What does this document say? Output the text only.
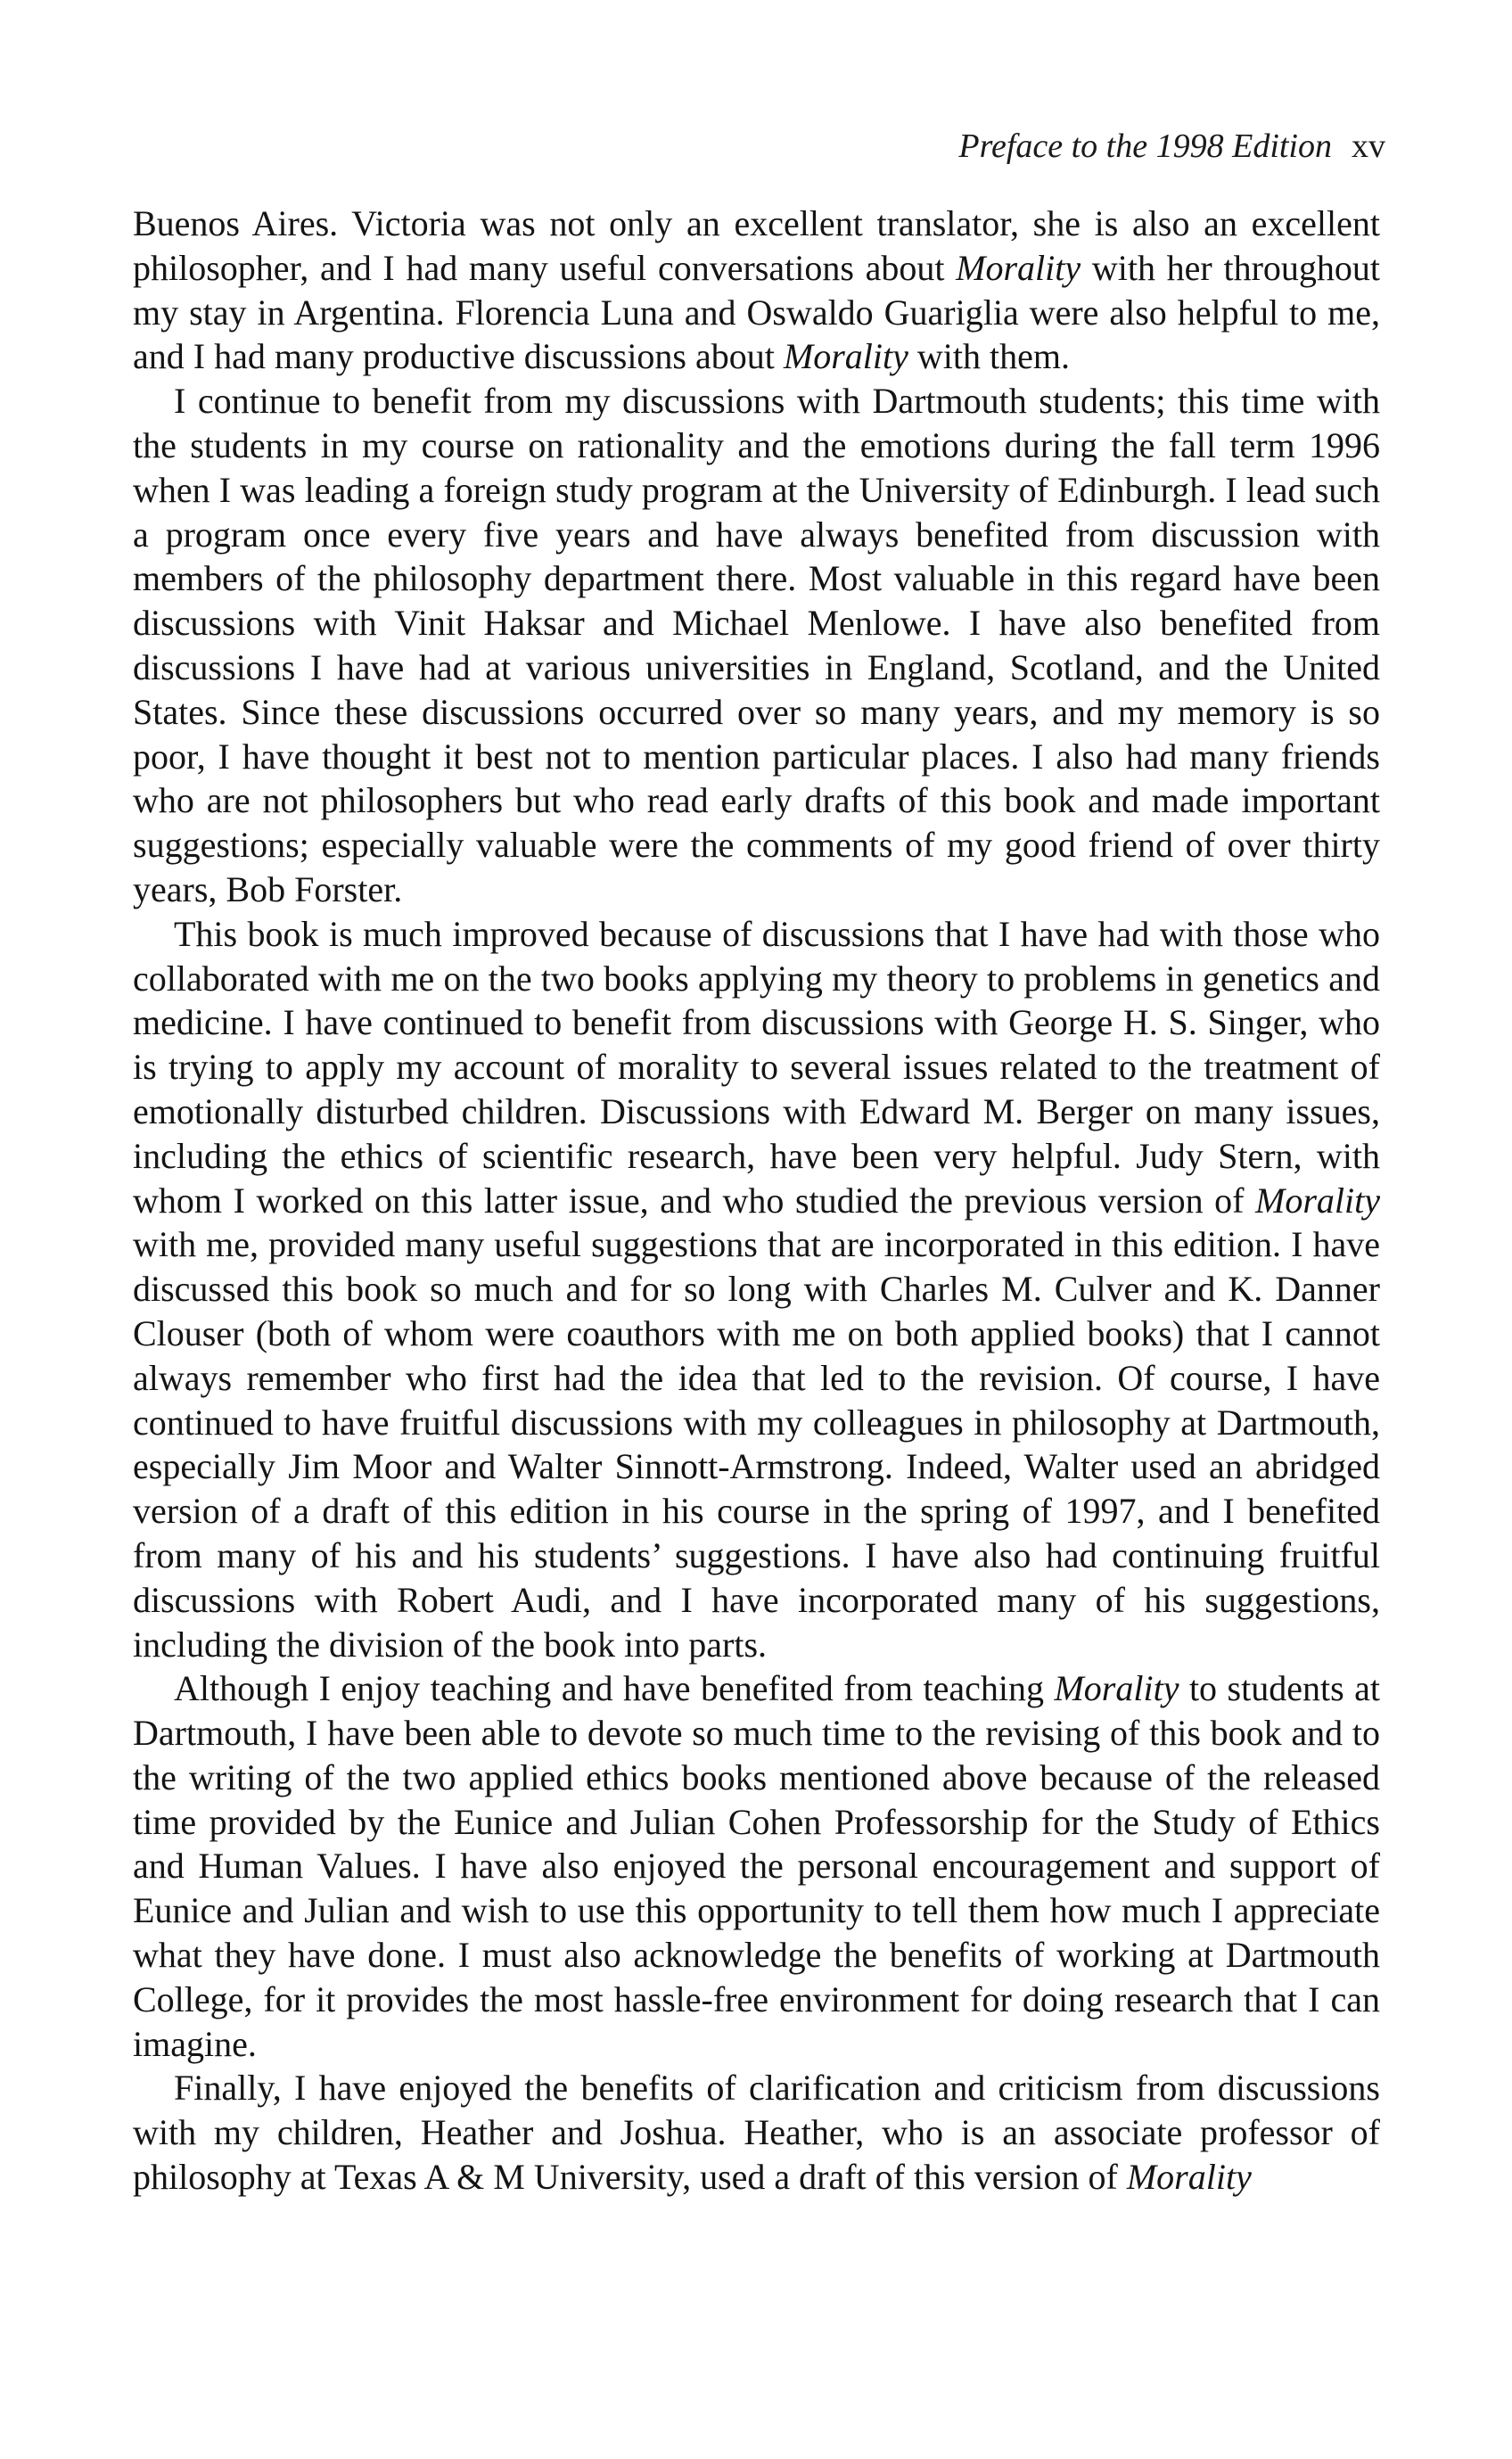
Preface to the 1998 Edition xv

Buenos Aires. Victoria was not only an excellent translator, she is also an excellent philosopher, and I had many useful conversations about Morality with her throughout my stay in Argentina. Florencia Luna and Oswaldo Guariglia were also helpful to me, and I had many productive discussions about Morality with them.

I continue to benefit from my discussions with Dartmouth students; this time with the students in my course on rationality and the emotions during the fall term 1996 when I was leading a foreign study program at the University of Edinburgh. I lead such a program once every five years and have always benefited from discussion with members of the philosophy department there. Most valuable in this regard have been discussions with Vinit Haksar and Michael Menlowe. I have also benefited from discussions I have had at various universities in England, Scotland, and the United States. Since these discussions occurred over so many years, and my memory is so poor, I have thought it best not to mention particular places. I also had many friends who are not philosophers but who read early drafts of this book and made important suggestions; especially valuable were the comments of my good friend of over thirty years, Bob Forster.

This book is much improved because of discussions that I have had with those who collaborated with me on the two books applying my theory to problems in genetics and medicine. I have continued to benefit from discussions with George H. S. Singer, who is trying to apply my account of morality to several issues related to the treatment of emotionally disturbed children. Discussions with Edward M. Berger on many issues, including the ethics of scientific research, have been very helpful. Judy Stern, with whom I worked on this latter issue, and who studied the previous version of Morality with me, provided many useful suggestions that are incorporated in this edition. I have discussed this book so much and for so long with Charles M. Culver and K. Danner Clouser (both of whom were coauthors with me on both applied books) that I cannot always remember who first had the idea that led to the revision. Of course, I have continued to have fruitful discussions with my colleagues in philosophy at Dartmouth, especially Jim Moor and Walter Sinnott-Armstrong. Indeed, Walter used an abridged version of a draft of this edition in his course in the spring of 1997, and I benefited from many of his and his students’ suggestions. I have also had continuing fruitful discussions with Robert Audi, and I have incorporated many of his suggestions, including the division of the book into parts.

Although I enjoy teaching and have benefited from teaching Morality to students at Dartmouth, I have been able to devote so much time to the revising of this book and to the writing of the two applied ethics books mentioned above because of the released time provided by the Eunice and Julian Cohen Professorship for the Study of Ethics and Human Values. I have also enjoyed the personal encouragement and support of Eunice and Julian and wish to use this opportunity to tell them how much I appreciate what they have done. I must also acknowledge the benefits of working at Dartmouth College, for it provides the most hassle-free environment for doing research that I can imagine.

Finally, I have enjoyed the benefits of clarification and criticism from discussions with my children, Heather and Joshua. Heather, who is an associate professor of philosophy at Texas A & M University, used a draft of this version of Morality
